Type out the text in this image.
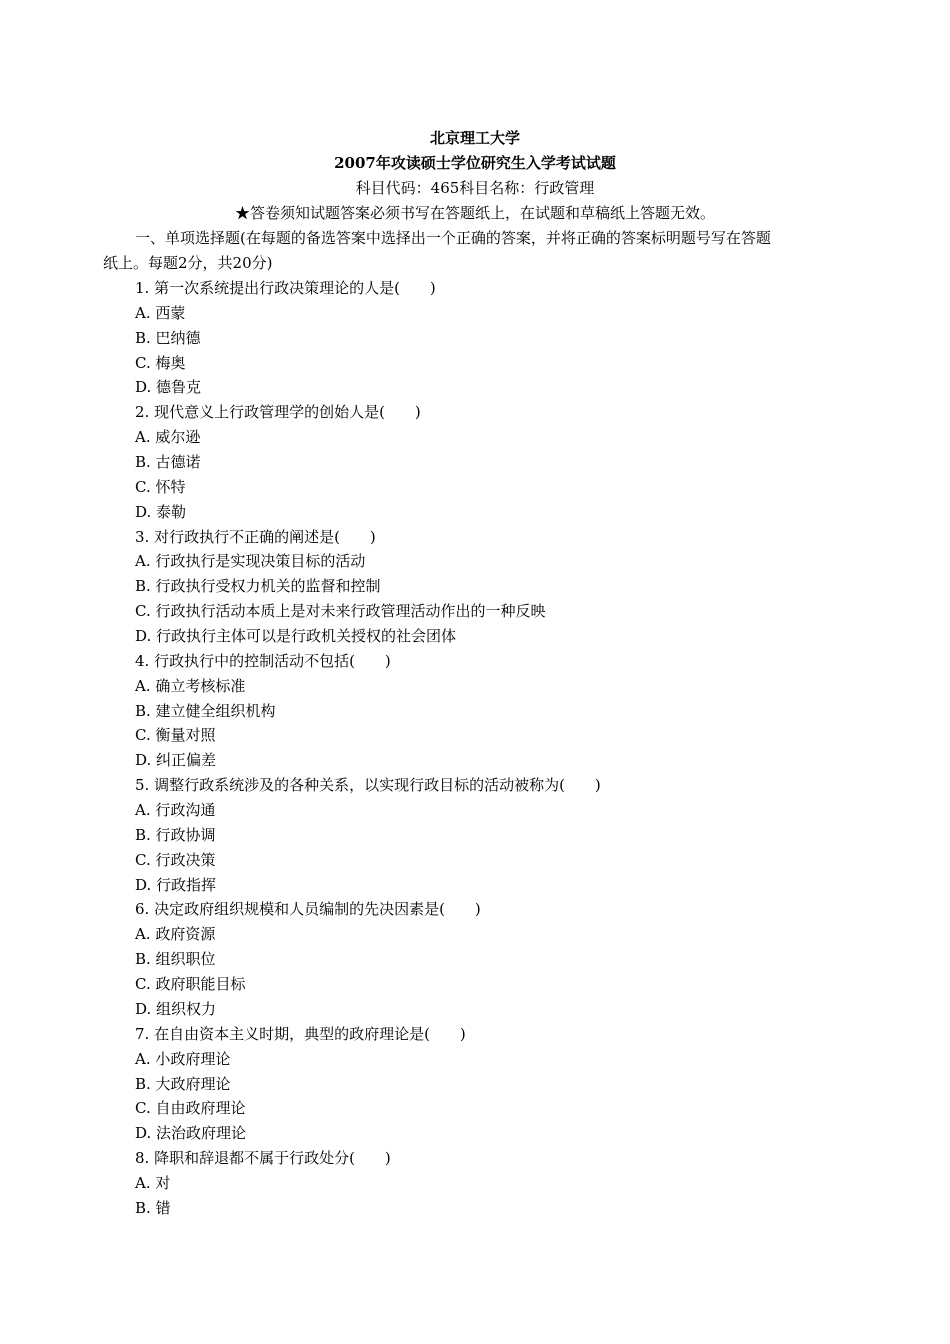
北京理工大学
2007年攻读硕士学位研究生入学考试试题
科目代码：465科目名称：行政管理
★答卷须知试题答案必须书写在答题纸上，在试题和草稿纸上答题无效。
一、单项选择题(在每题的备选答案中选择出一个正确的答案，并将正确的答案标明题号写在答题
纸上。每题2分，共20分)
1. 第一次系统提出行政决策理论的人是(　　)
A. 西蒙
B. 巴纳德
C. 梅奥
D. 德鲁克
2. 现代意义上行政管理学的创始人是(　　)
A. 威尔逊
B. 古德诺
C. 怀特
D. 泰勒
3. 对行政执行不正确的阐述是(　　)
A. 行政执行是实现决策目标的活动
B. 行政执行受权力机关的监督和控制
C. 行政执行活动本质上是对未来行政管理活动作出的一种反映
D. 行政执行主体可以是行政机关授权的社会团体
4. 行政执行中的控制活动不包括(　　)
A. 确立考核标准
B. 建立健全组织机构
C. 衡量对照
D. 纠正偏差
5. 调整行政系统涉及的各种关系，以实现行政目标的活动被称为(　　)
A. 行政沟通
B. 行政协调
C. 行政决策
D. 行政指挥
6. 决定政府组织规模和人员编制的先决因素是(　　)
A. 政府资源
B. 组织职位
C. 政府职能目标
D. 组织权力
7. 在自由资本主义时期，典型的政府理论是(　　)
A. 小政府理论
B. 大政府理论
C. 自由政府理论
D. 法治政府理论
8. 降职和辞退都不属于行政处分(　　)
A. 对
B. 错
